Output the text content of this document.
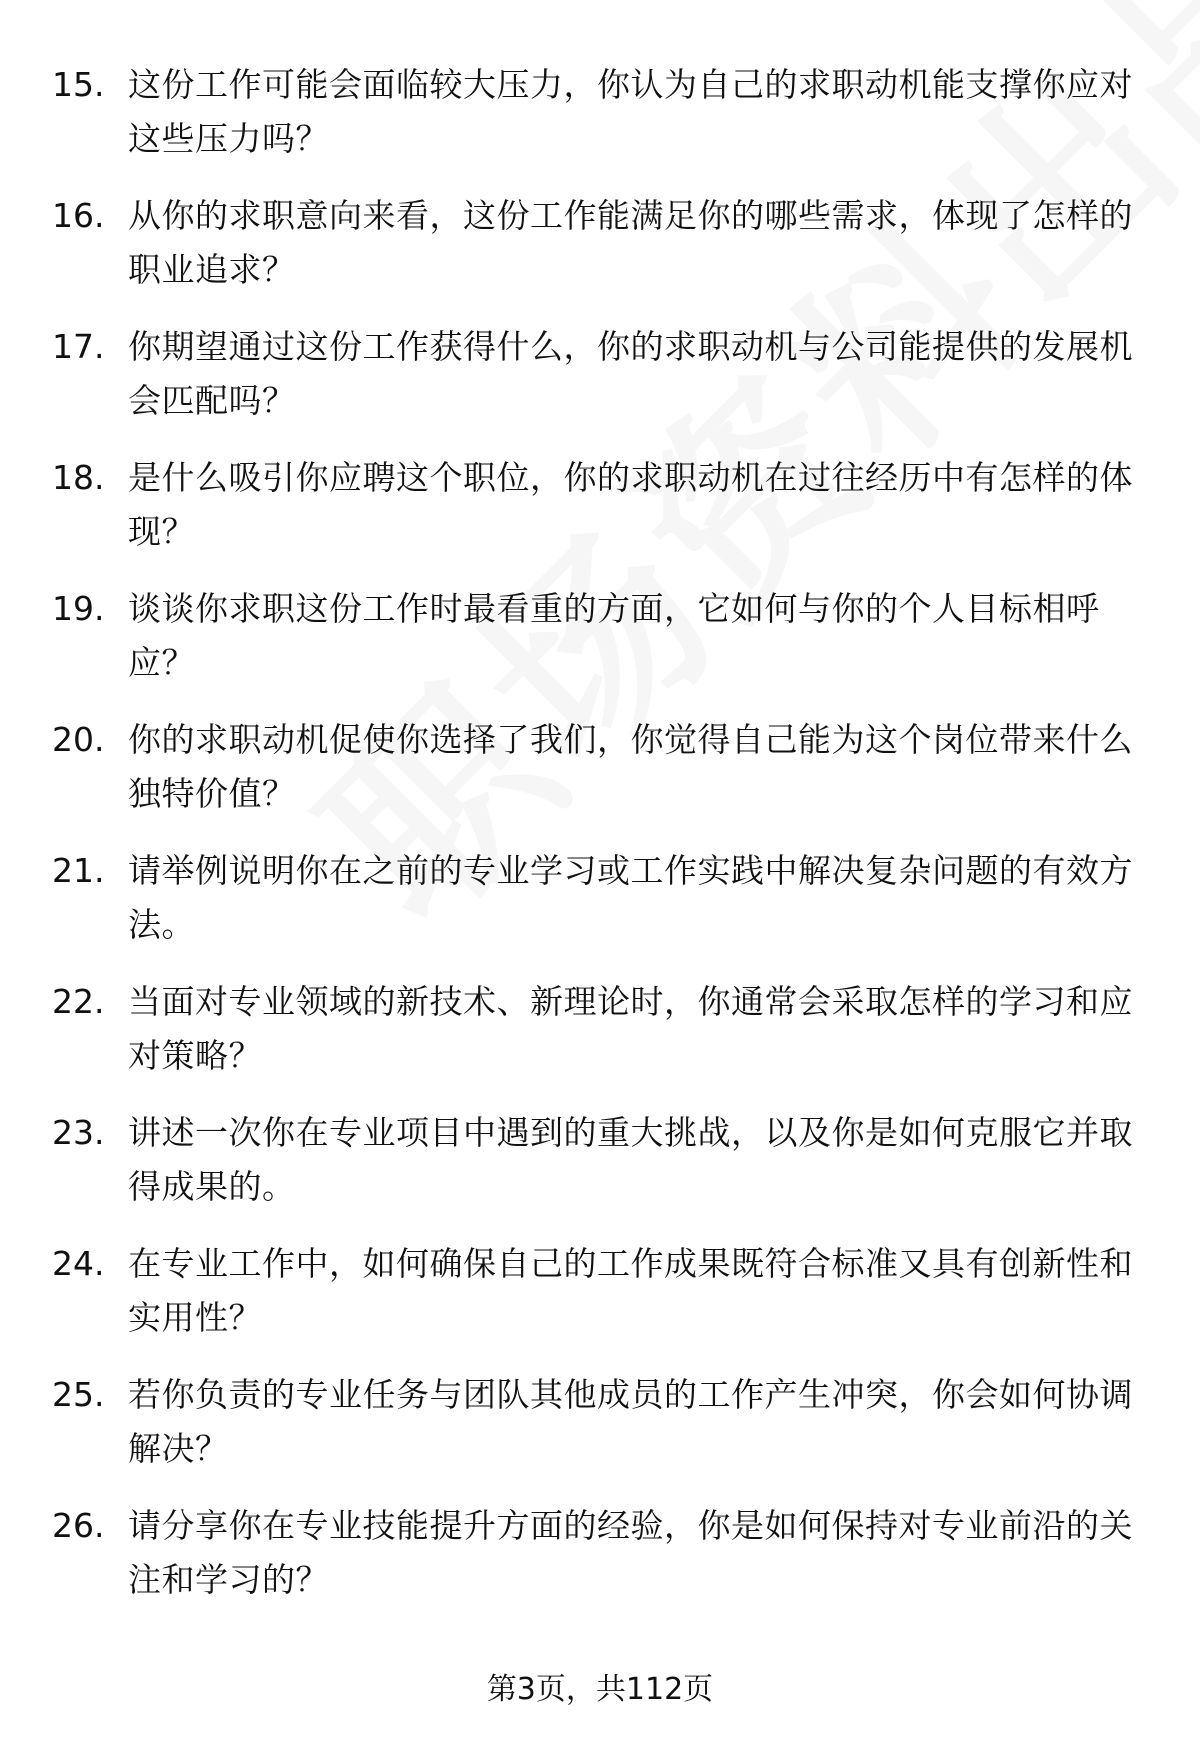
15. 这份工作可能会面临较大压力，你认为自己的求职动机能支撑你应对这些压力吗？
16. 从你的求职意向来看，这份工作能满足你的哪些需求，体现了怎样的职业追求？
17. 你期望通过这份工作获得什么，你的求职动机与公司能提供的发展机会匹配吗？
18. 是什么吸引你应聘这个职位，你的求职动机在过往经历中有怎样的体现？
19. 谈谈你求职这份工作时最看重的方面，它如何与你的个人目标相呼应？
20. 你的求职动机促使你选择了我们，你觉得自己能为这个岗位带来什么独特价值？
21. 请举例说明你在之前的专业学习或工作实践中解决复杂问题的有效方法。
22. 当面对专业领域的新技术、新理论时，你通常会采取怎样的学习和应对策略？
23. 讲述一次你在专业项目中遇到的重大挑战，以及你是如何克服它并取得成果的。
24. 在专业工作中，如何确保自己的工作成果既符合标准又具有创新性和实用性？
25. 若你负责的专业任务与团队其他成员的工作产生冲突，你会如何协调解决？
26. 请分享你在专业技能提升方面的经验，你是如何保持对专业前沿的关注和学习的？
第3页，共112页
